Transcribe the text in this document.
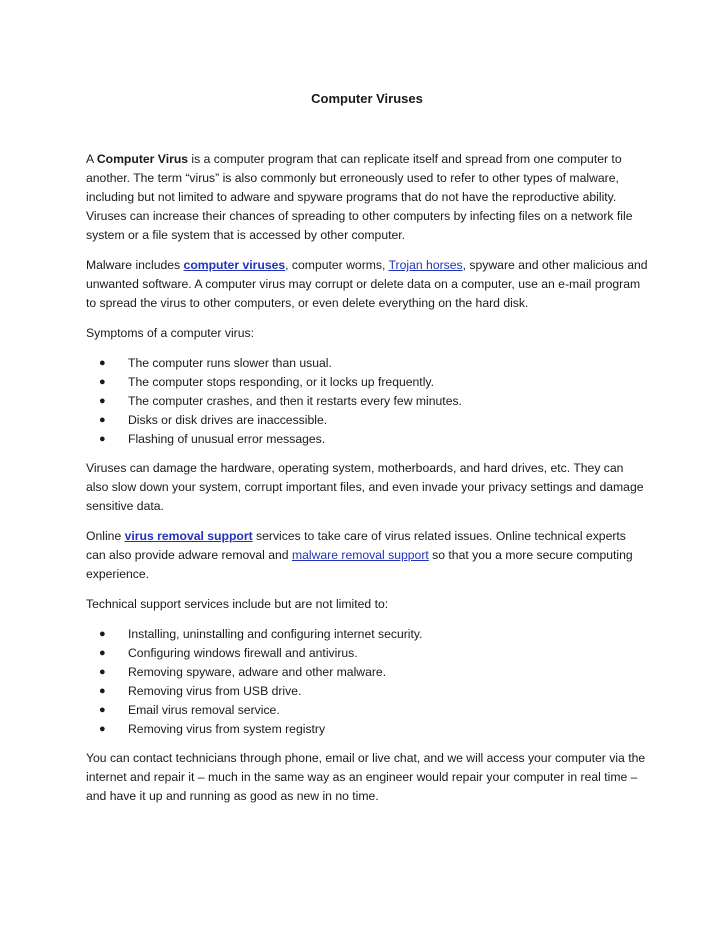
Computer Viruses

A Computer Virus is a computer program that can replicate itself and spread from one computer to another. The term “virus” is also commonly but erroneously used to refer to other types of malware, including but not limited to adware and spyware programs that do not have the reproductive ability. Viruses can increase their chances of spreading to other computers by infecting files on a network file system or a file system that is accessed by other computer.

Malware includes computer viruses, computer worms, Trojan horses, spyware and other malicious and unwanted software. A computer virus may corrupt or delete data on a computer, use an e-mail program to spread the virus to other computers, or even delete everything on the hard disk.

Symptoms of a computer virus:

● The computer runs slower than usual.
● The computer stops responding, or it locks up frequently.
● The computer crashes, and then it restarts every few minutes.
● Disks or disk drives are inaccessible.
● Flashing of unusual error messages.

Viruses can damage the hardware, operating system, motherboards, and hard drives, etc. They can also slow down your system, corrupt important files, and even invade your privacy settings and damage sensitive data.

Online virus removal support services to take care of virus related issues. Online technical experts can also provide adware removal and malware removal support so that you a more secure computing experience.

Technical support services include but are not limited to:

● Installing, uninstalling and configuring internet security.
● Configuring windows firewall and antivirus.
● Removing spyware, adware and other malware.
● Removing virus from USB drive.
● Email virus removal service.
● Removing virus from system registry

You can contact technicians through phone, email or live chat, and we will access your computer via the internet and repair it – much in the same way as an engineer would repair your computer in real time – and have it up and running as good as new in no time.
